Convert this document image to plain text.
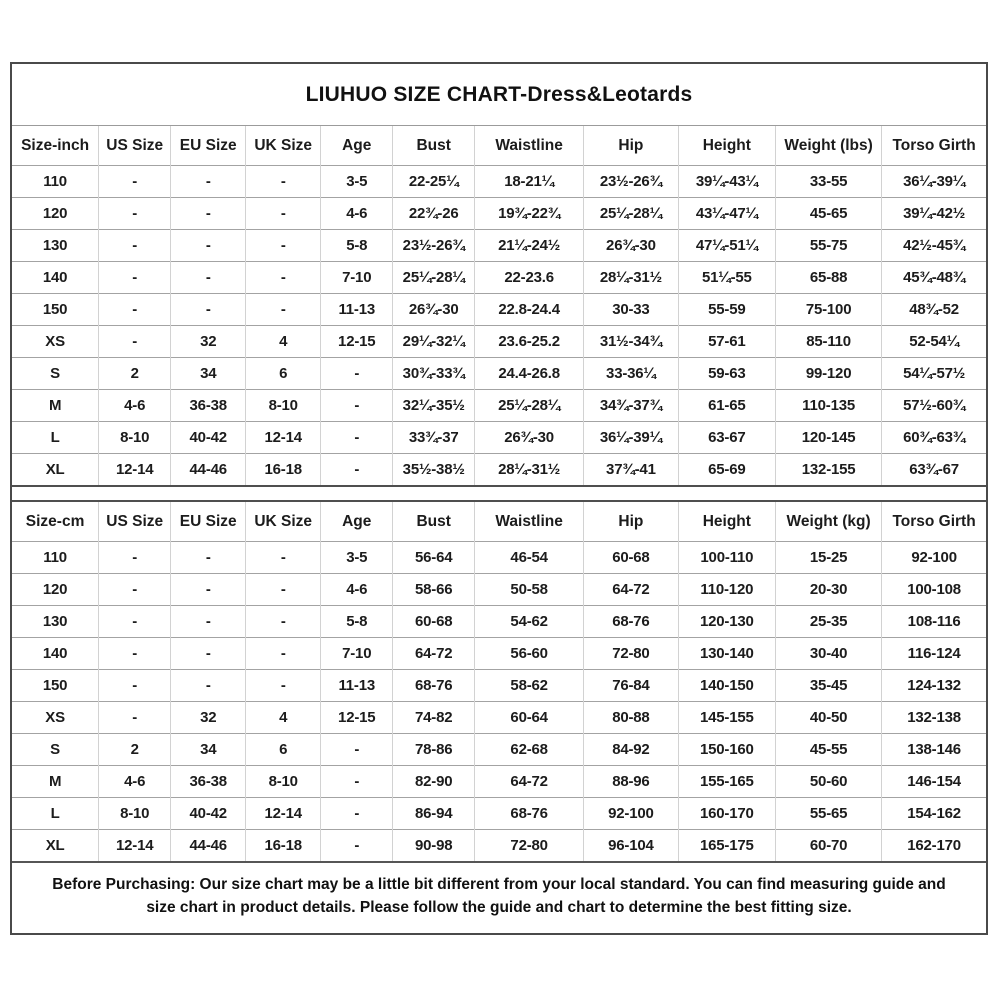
LIUHUO SIZE CHART-Dress&Leotards
Size-inch	US Size	EU Size	UK Size	Age	Bust	Waistline	Hip	Height	Weight (lbs)	Torso Girth
110	-	-	-	3-5	22-25¼	18-21¼	23½-26¾	39¼-43¼	33-55	36¼-39¼
120	-	-	-	4-6	22¾-26	19¾-22¾	25¼-28¼	43¼-47¼	45-65	39¼-42½
130	-	-	-	5-8	23½-26¾	21¼-24½	26¾-30	47¼-51¼	55-75	42½-45¾
140	-	-	-	7-10	25¼-28¼	22-23.6	28¼-31½	51¼-55	65-88	45¾-48¾
150	-	-	-	11-13	26¾-30	22.8-24.4	30-33	55-59	75-100	48¾-52
XS	-	32	4	12-15	29¼-32¼	23.6-25.2	31½-34¾	57-61	85-110	52-54¼
S	2	34	6	-	30¾-33¾	24.4-26.8	33-36¼	59-63	99-120	54¼-57½
M	4-6	36-38	8-10	-	32¼-35½	25¼-28¼	34¾-37¾	61-65	110-135	57½-60¾
L	8-10	40-42	12-14	-	33¾-37	26¾-30	36¼-39¼	63-67	120-145	60¾-63¾
XL	12-14	44-46	16-18	-	35½-38½	28¼-31½	37¾-41	65-69	132-155	63¾-67
Size-cm	US Size	EU Size	UK Size	Age	Bust	Waistline	Hip	Height	Weight (kg)	Torso Girth
110	-	-	-	3-5	56-64	46-54	60-68	100-110	15-25	92-100
120	-	-	-	4-6	58-66	50-58	64-72	110-120	20-30	100-108
130	-	-	-	5-8	60-68	54-62	68-76	120-130	25-35	108-116
140	-	-	-	7-10	64-72	56-60	72-80	130-140	30-40	116-124
150	-	-	-	11-13	68-76	58-62	76-84	140-150	35-45	124-132
XS	-	32	4	12-15	74-82	60-64	80-88	145-155	40-50	132-138
S	2	34	6	-	78-86	62-68	84-92	150-160	45-55	138-146
M	4-6	36-38	8-10	-	82-90	64-72	88-96	155-165	50-60	146-154
L	8-10	40-42	12-14	-	86-94	68-76	92-100	160-170	55-65	154-162
XL	12-14	44-46	16-18	-	90-98	72-80	96-104	165-175	60-70	162-170
Before Purchasing: Our size chart may be a little bit different from your local standard. You can find measuring guide and
size chart in product details. Please follow the guide and chart to determine the best fitting size.
